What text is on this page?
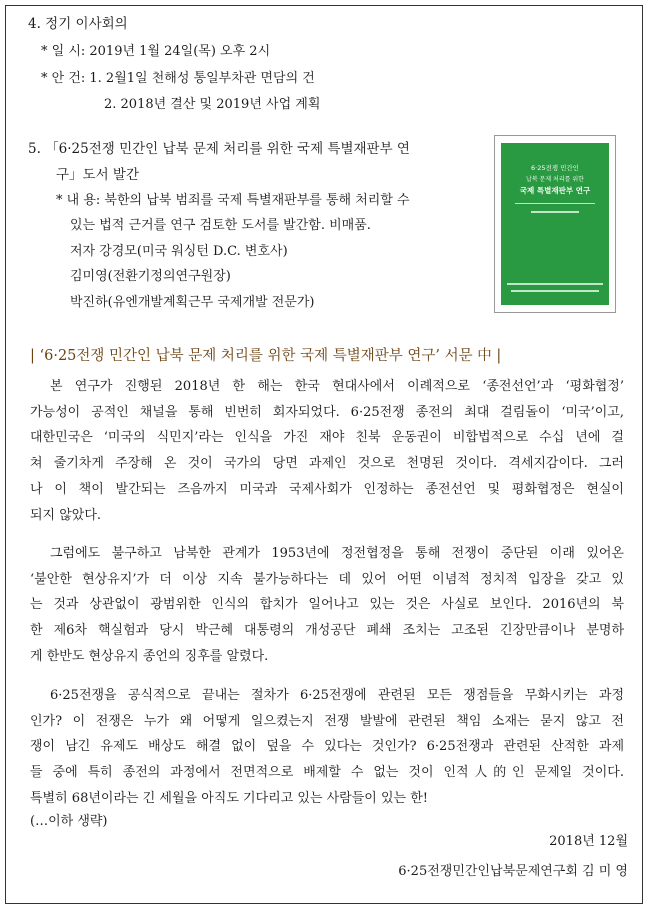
4. 정기 이사회의
* 일 시: 2019년 1월 24일(목) 오후 2시
* 안 건: 1. 2월1일 천해성 통일부차관 면담의 건
2. 2018년 결산 및 2019년 사업 계획
5. 「6·25전쟁 민간인 납북 문제 처리를 위한 국제 특별재판부 연
구」도서 발간
* 내 용: 북한의 납북 범죄를 국제 특별재판부를 통해 처리할 수
있는 법적 근거를 연구 검토한 도서를 발간함. 비매품.
저자 강경모(미국 워싱턴 D.C. 변호사)
김미영(전환기정의연구원장)
박진하(유엔개발계획근무 국제개발 전문가)
6·25전쟁 민간인
납북 문제 처리를 위한
국제 특별재판부 연구
| ‘6·25전쟁 민간인 납북 문제 처리를 위한 국제 특별재판부 연구’ 서문 中 |
본 연구가 진행된 2018년 한 해는 한국 현대사에서 이례적으로 ‘종전선언’과 ‘평화협정’
가능성이 공적인 채널을 통해 빈번히 회자되었다. 6·25전쟁 종전의 최대 걸림돌이 ‘미국’이고,
대한민국은 ‘미국의 식민지’라는 인식을 가진 재야 친북 운동권이 비합법적으로 수십 년에 걸
쳐 줄기차게 주장해 온 것이 국가의 당면 과제인 것으로 천명된 것이다. 격세지감이다. 그러
나 이 책이 발간되는 즈음까지 미국과 국제사회가 인정하는 종전선언 및 평화협정은 현실이
되지 않았다.
그럼에도 불구하고 남북한 관계가 1953년에 정전협정을 통해 전쟁이 중단된 이래 있어온
‘불안한 현상유지’가 더 이상 지속 불가능하다는 데 있어 어떤 이념적 정치적 입장을 갖고 있
는 것과 상관없이 광범위한 인식의 합치가 일어나고 있는 것은 사실로 보인다. 2016년의 북
한 제6차 핵실험과 당시 박근혜 대통령의 개성공단 폐쇄 조치는 고조된 긴장만큼이나 분명하
게 한반도 현상유지 종언의 징후를 알렸다.
6·25전쟁을 공식적으로 끝내는 절차가 6·25전쟁에 관련된 모든 쟁점들을 무화시키는 과정
인가? 이 전쟁은 누가 왜 어떻게 일으켰는지 전쟁 발발에 관련된 책임 소재는 묻지 않고 전
쟁이 남긴 유제도 배상도 해결 없이 덮을 수 있다는 것인가? 6·25전쟁과 관련된 산적한 과제
들 중에 특히 종전의 과정에서 전면적으로 배제할 수 없는 것이 인적人的인 문제일 것이다.
특별히 68년이라는 긴 세월을 아직도 기다리고 있는 사람들이 있는 한!
(…이하 생략)
2018년 12월
6·25전쟁민간인납북문제연구회 김 미 영
